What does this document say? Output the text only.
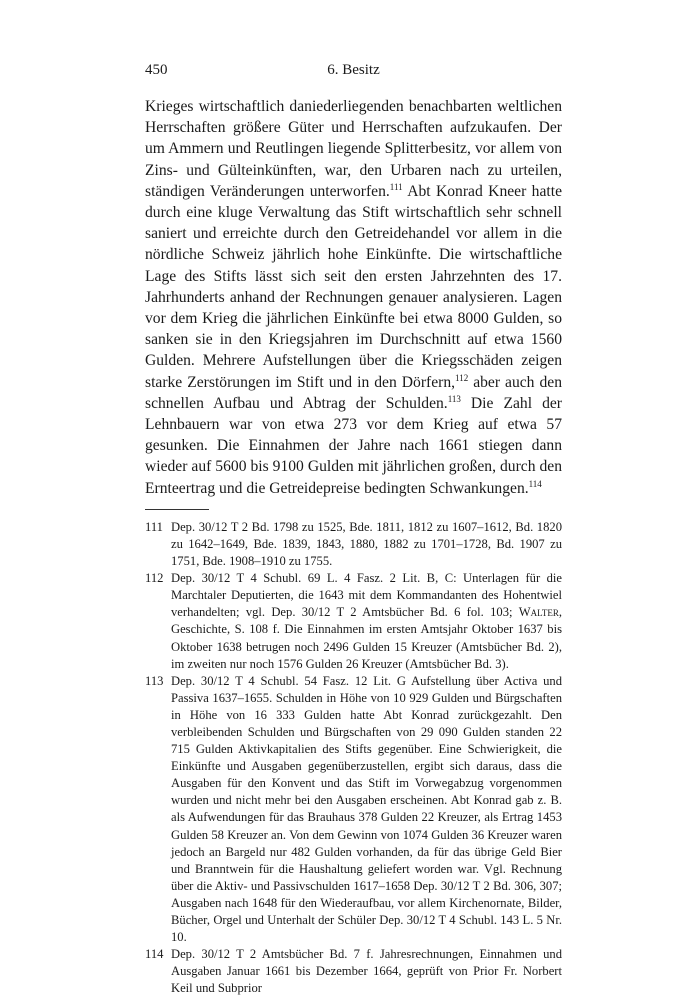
450	6. Besitz

Krieges wirtschaftlich daniederliegenden benachbarten weltlichen Herrschaften größere Güter und Herrschaften aufzukaufen. Der um Ammern und Reutlingen liegende Splitterbesitz, vor allem von Zins- und Gülteinkünften, war, den Urbaren nach zu urteilen, ständigen Veränderungen unterworfen.$^{111}$ Abt Konrad Kneer hatte durch eine kluge Verwaltung das Stift wirtschaftlich sehr schnell saniert und erreichte durch den Getreidehandel vor allem in die nördliche Schweiz jährlich hohe Einkünfte. Die wirtschaftliche Lage des Stifts lässt sich seit den ersten Jahrzehnten des 17. Jahrhunderts anhand der Rechnungen genauer analysieren. Lagen vor dem Krieg die jährlichen Einkünfte bei etwa 8000 Gulden, so sanken sie in den Kriegsjahren im Durchschnitt auf etwa 1560 Gulden. Mehrere Aufstellungen über die Kriegsschäden zeigen starke Zerstörungen im Stift und in den Dörfern,$^{112}$ aber auch den schnellen Aufbau und Abtrag der Schulden.$^{113}$ Die Zahl der Lehnbauern war von etwa 273 vor dem Krieg auf etwa 57 gesunken. Die Einnahmen der Jahre nach 1661 stiegen dann wieder auf 5600 bis 9100 Gulden mit jährlichen großen, durch den Ernteertrag und die Getreidepreise bedingten Schwankungen.$^{114}$

111 Dep. 30/12 T 2 Bd. 1798 zu 1525, Bde. 1811, 1812 zu 1607–1612, Bd. 1820 zu 1642–1649, Bde. 1839, 1843, 1880, 1882 zu 1701–1728, Bd. 1907 zu 1751, Bde. 1908–1910 zu 1755.

112 Dep. 30/12 T 4 Schubl. 69 L. 4 Fasz. 2 Lit. B, C: Unterlagen für die Marchtaler Deputierten, die 1643 mit dem Kommandanten des Hohentwiel verhandelten; vgl. Dep. 30/12 T 2 Amtsbücher Bd. 6 fol. 103; Walter, Geschichte, S. 108 f. Die Einnahmen im ersten Amtsjahr Oktober 1637 bis Oktober 1638 betrugen noch 2496 Gulden 15 Kreuzer (Amtsbücher Bd. 2), im zweiten nur noch 1576 Gulden 26 Kreuzer (Amtsbücher Bd. 3).

113 Dep. 30/12 T 4 Schubl. 54 Fasz. 12 Lit. G Aufstellung über Activa und Passiva 1637–1655. Schulden in Höhe von 10 929 Gulden und Bürgschaften in Höhe von 16 333 Gulden hatte Abt Konrad zurückgezahlt. Den verbleibenden Schulden und Bürgschaften von 29 090 Gulden standen 22 715 Gulden Aktivkapitalien des Stifts gegenüber. Eine Schwierigkeit, die Einkünfte und Ausgaben gegenüberzustellen, ergibt sich daraus, dass die Ausgaben für den Konvent und das Stift im Vorwegabzug vorgenommen wurden und nicht mehr bei den Ausgaben erscheinen. Abt Konrad gab z. B. als Aufwendungen für das Brauhaus 378 Gulden 22 Kreuzer, als Ertrag 1453 Gulden 58 Kreuzer an. Von dem Gewinn von 1074 Gulden 36 Kreuzer waren jedoch an Bargeld nur 482 Gulden vorhanden, da für das übrige Geld Bier und Branntwein für die Haushaltung geliefert worden war. Vgl. Rechnung über die Aktiv- und Passivschulden 1617–1658 Dep. 30/12 T 2 Bd. 306, 307; Ausgaben nach 1648 für den Wiederaufbau, vor allem Kirchenornate, Bilder, Bücher, Orgel und Unterhalt der Schüler Dep. 30/12 T 4 Schubl. 143 L. 5 Nr. 10.

114 Dep. 30/12 T 2 Amtsbücher Bd. 7 f. Jahresrechnungen, Einnahmen und Ausgaben Januar 1661 bis Dezember 1664, geprüft von Prior Fr. Norbert Keil und Subprior
